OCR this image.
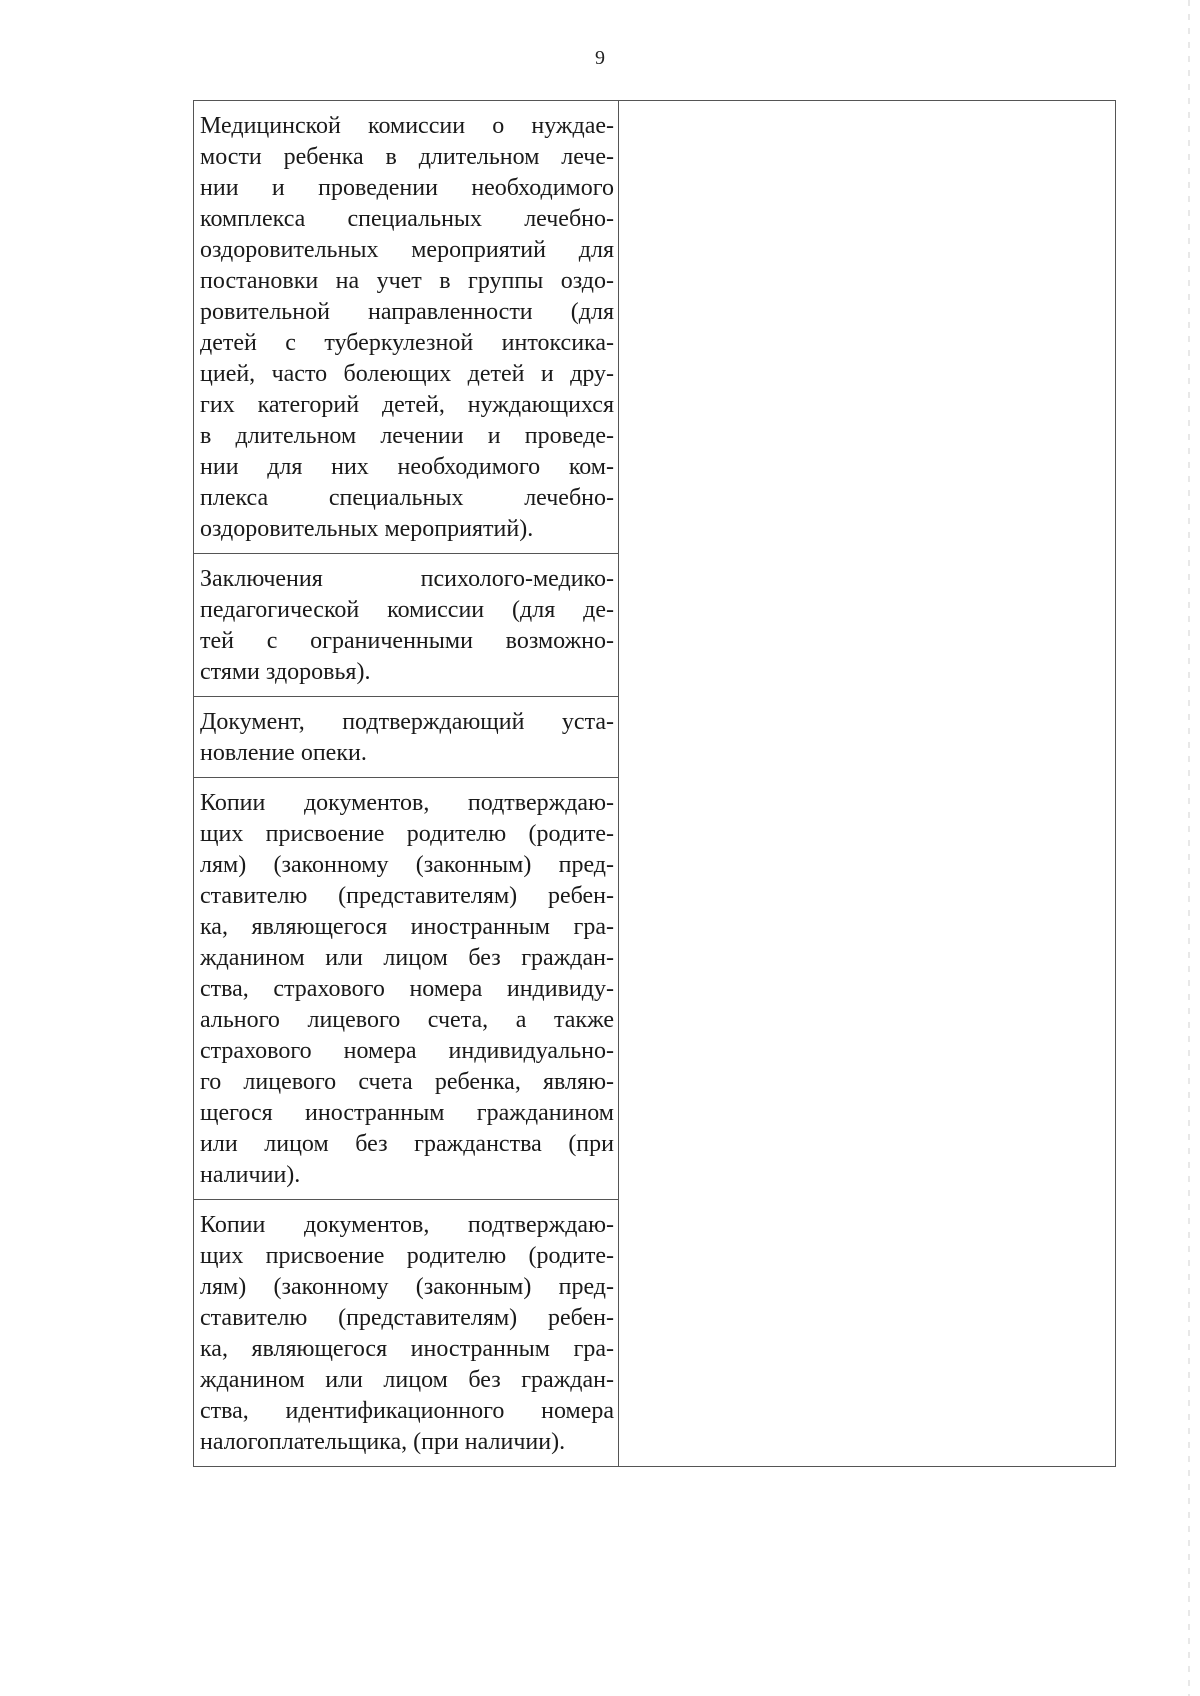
9
Медицинской комиссии о нуждае-
мости ребенка в длительном лече-
нии и проведении необходимого
комплекса специальных лечебно-
оздоровительных мероприятий для
постановки на учет в группы оздо-
ровительной направленности (для
детей с туберкулезной интоксика-
цией, часто болеющих детей и дру-
гих категорий детей, нуждающихся
в длительном лечении и проведе-
нии для них необходимого ком-
плекса специальных лечебно-
оздоровительных мероприятий).

Заключения психолого-медико-
педагогической комиссии (для де-
тей с ограниченными возможно-
стями здоровья).

Документ, подтверждающий уста-
новление опеки.

Копии документов, подтверждаю-
щих присвоение родителю (родите-
лям) (законному (законным) пред-
ставителю (представителям) ребен-
ка, являющегося иностранным гра-
жданином или лицом без граждан-
ства, страхового номера индивиду-
ального лицевого счета, а также
страхового номера индивидуально-
го лицевого счета ребенка, являю-
щегося иностранным гражданином
или лицом без гражданства (при
наличии).

Копии документов, подтверждаю-
щих присвоение родителю (родите-
лям) (законному (законным) пред-
ставителю (представителям) ребен-
ка, являющегося иностранным гра-
жданином или лицом без граждан-
ства, идентификационного номера
налогоплательщика, (при наличии).
